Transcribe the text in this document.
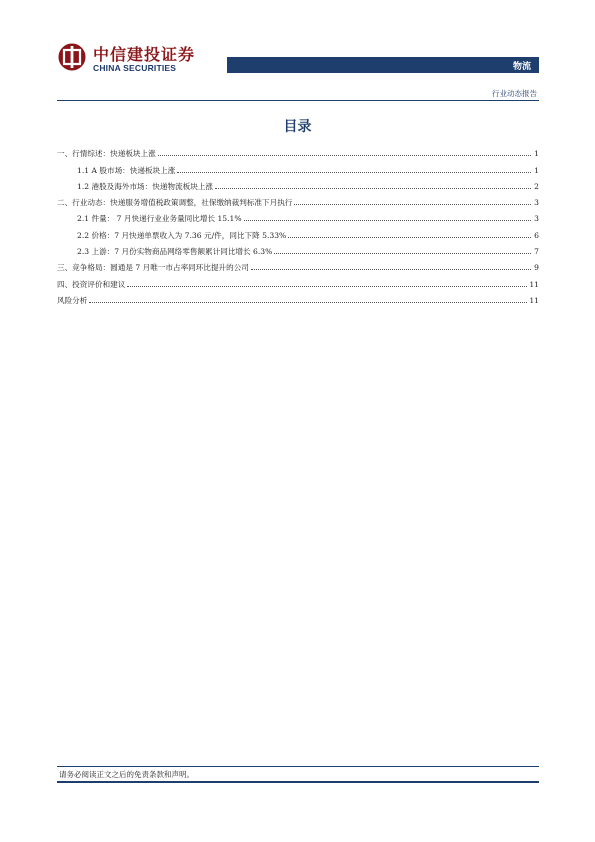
中信建投证券
CHINA SECURITIES	物流
行业动态报告
目录
一、行情综述：快递板块上涨	1
1.1 A 股市场：快递板块上涨	1
1.2 港股及海外市场：快递物流板块上涨	2
二、行业动态：快递服务增值税政策调整，社保缴纳裁判标准下月执行	3
2.1 件量： 7 月快递行业业务量同比增长 15.1%	3
2.2 价格：7 月快递单票收入为 7.36 元/件，同比下降 5.33%	6
2.3 上游：7 月份实物商品网络零售额累计同比增长 6.3%	7
三、竞争格局：圆通是 7 月唯一市占率同环比提升的公司	9
四、投资评价和建议	11
风险分析	11
请务必阅读正文之后的免责条款和声明。
